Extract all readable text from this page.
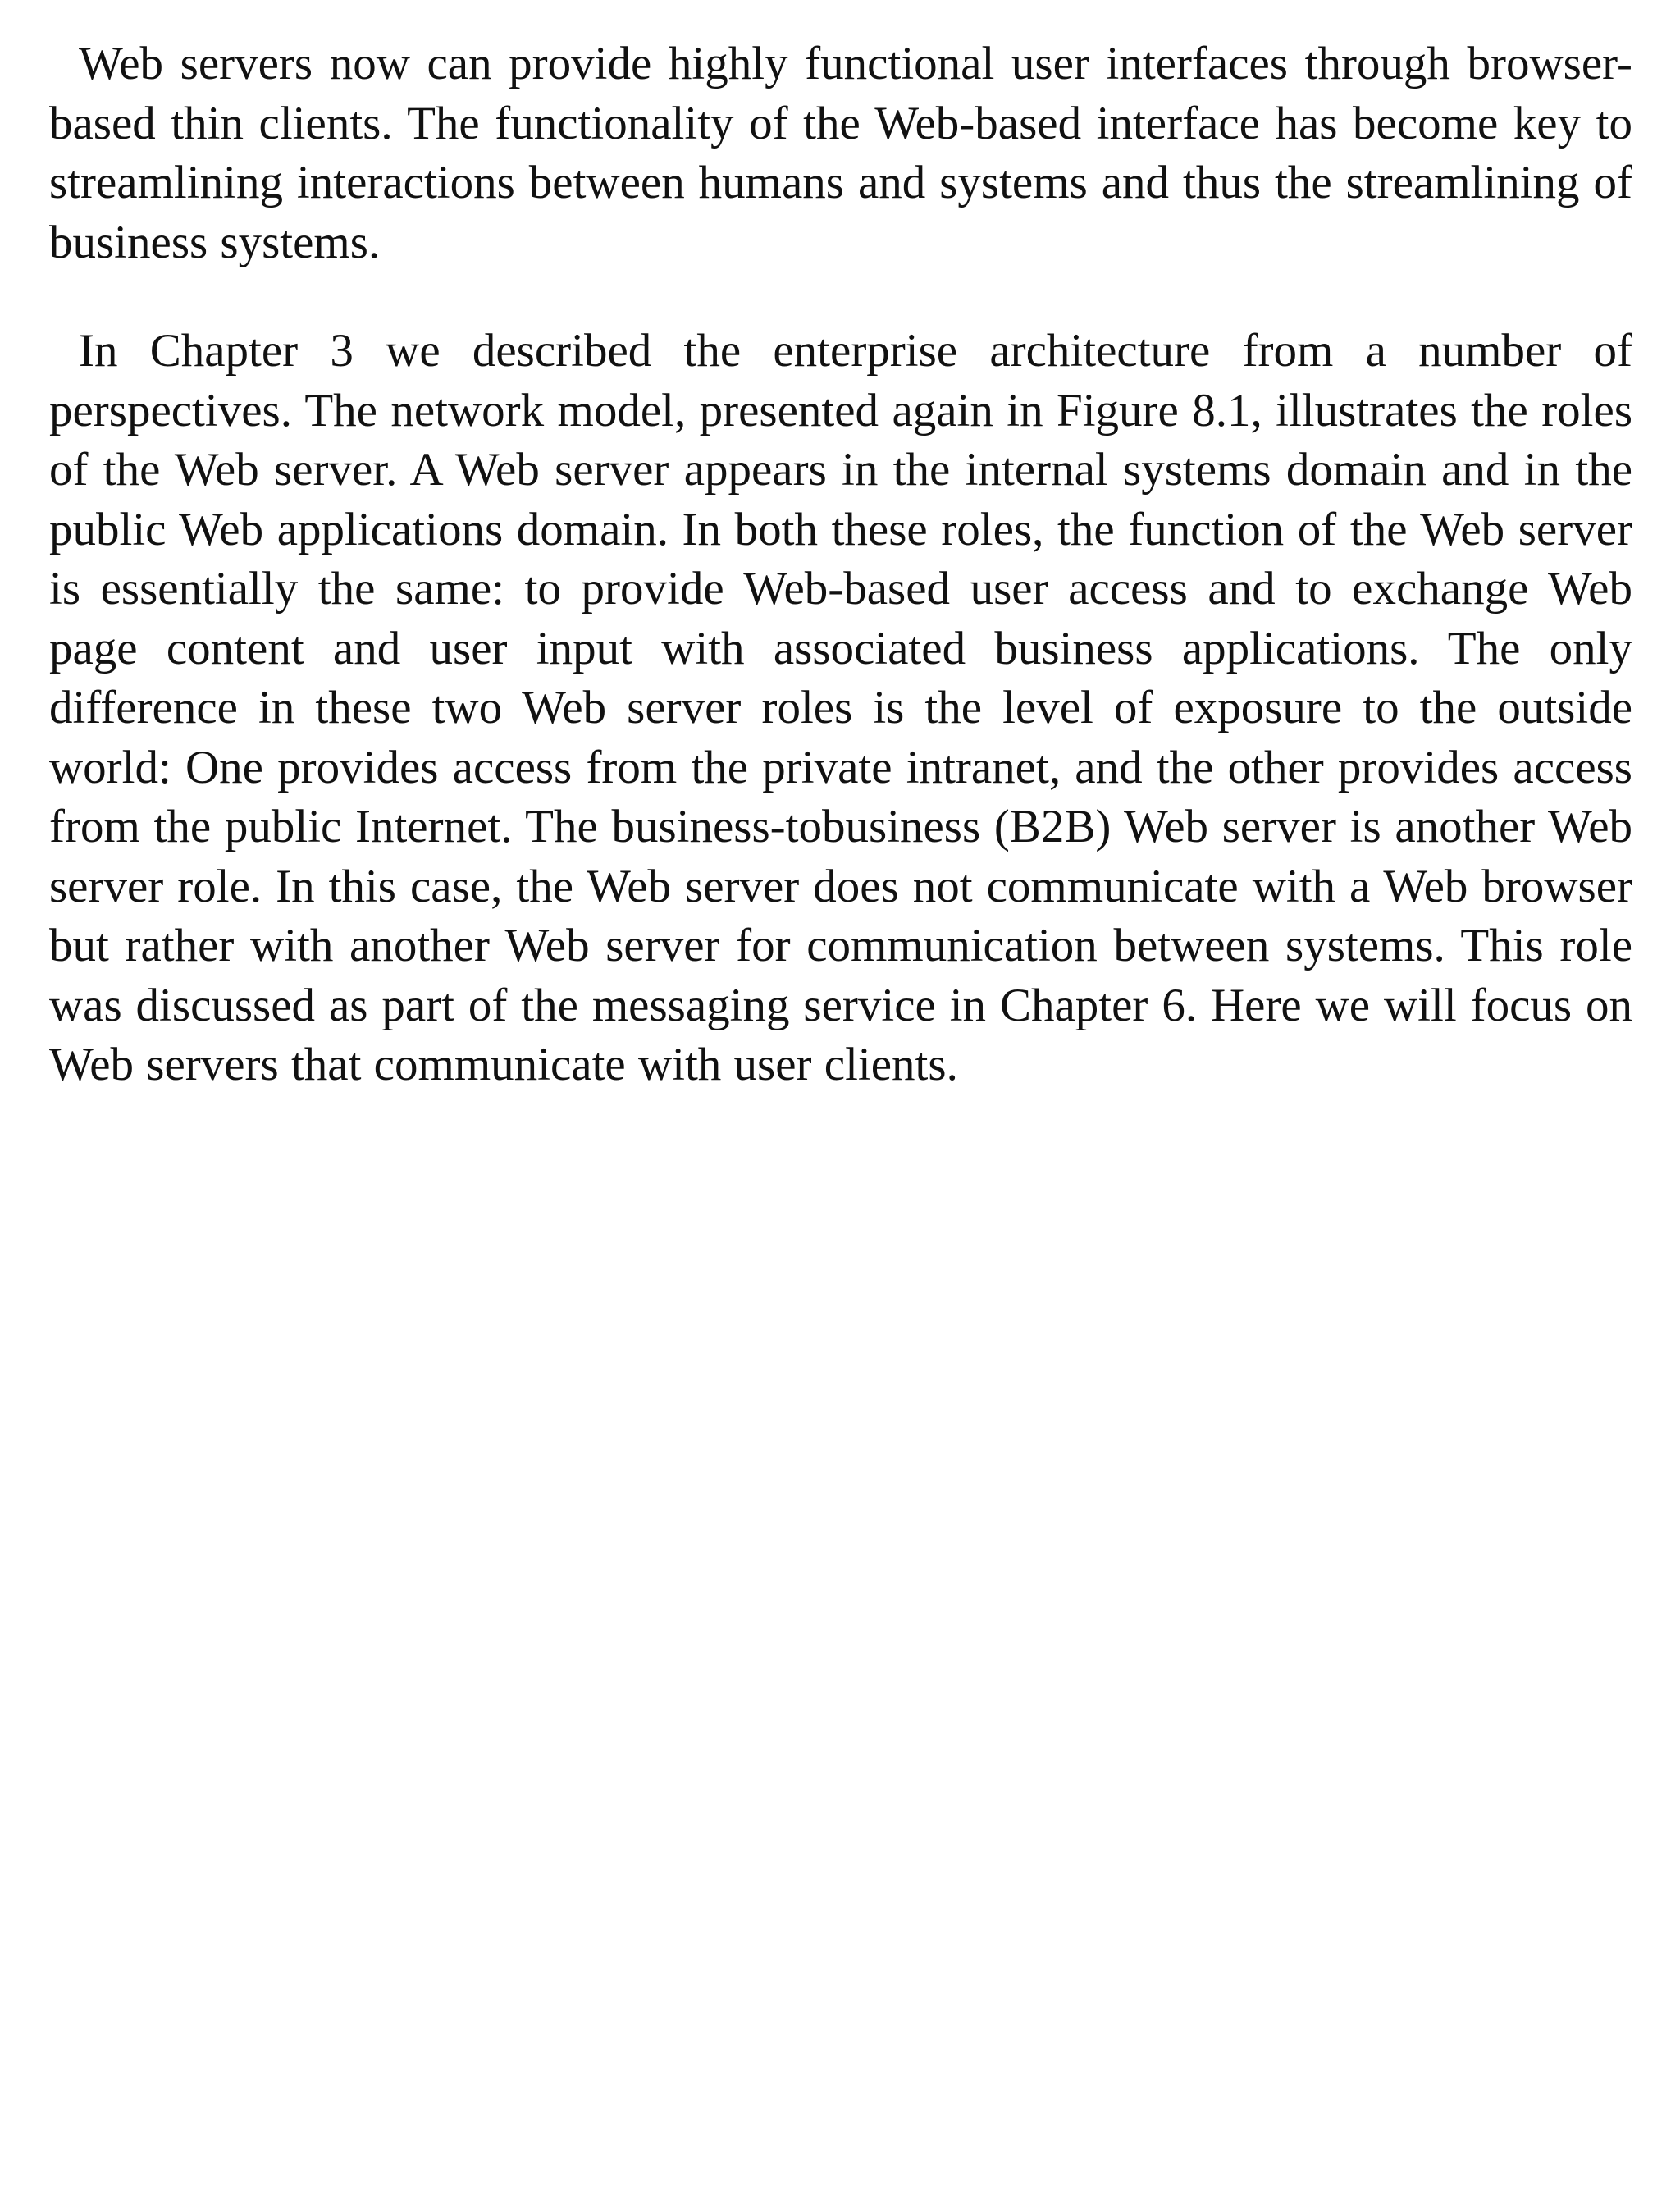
Web servers now can provide highly functional user interfaces through browser-based thin clients. The functionality of the Web-based interface has become key to streamlining interactions between humans and systems and thus the streamlining of business systems.

In Chapter 3 we described the enterprise architecture from a number of perspectives. The network model, presented again in Figure 8.1, illustrates the roles of the Web server. A Web server appears in the internal systems domain and in the public Web applications domain. In both these roles, the function of the Web server is essentially the same: to provide Web-based user access and to exchange Web page content and user input with associated business applications. The only difference in these two Web server roles is the level of exposure to the outside world: One provides access from the private intranet, and the other provides access from the public Internet. The business-tobusiness (B2B) Web server is another Web server role. In this case, the Web server does not communicate with a Web browser but rather with another Web server for communication between systems. This role was discussed as part of the messaging service in Chapter 6. Here we will focus on Web servers that communicate with user clients.
